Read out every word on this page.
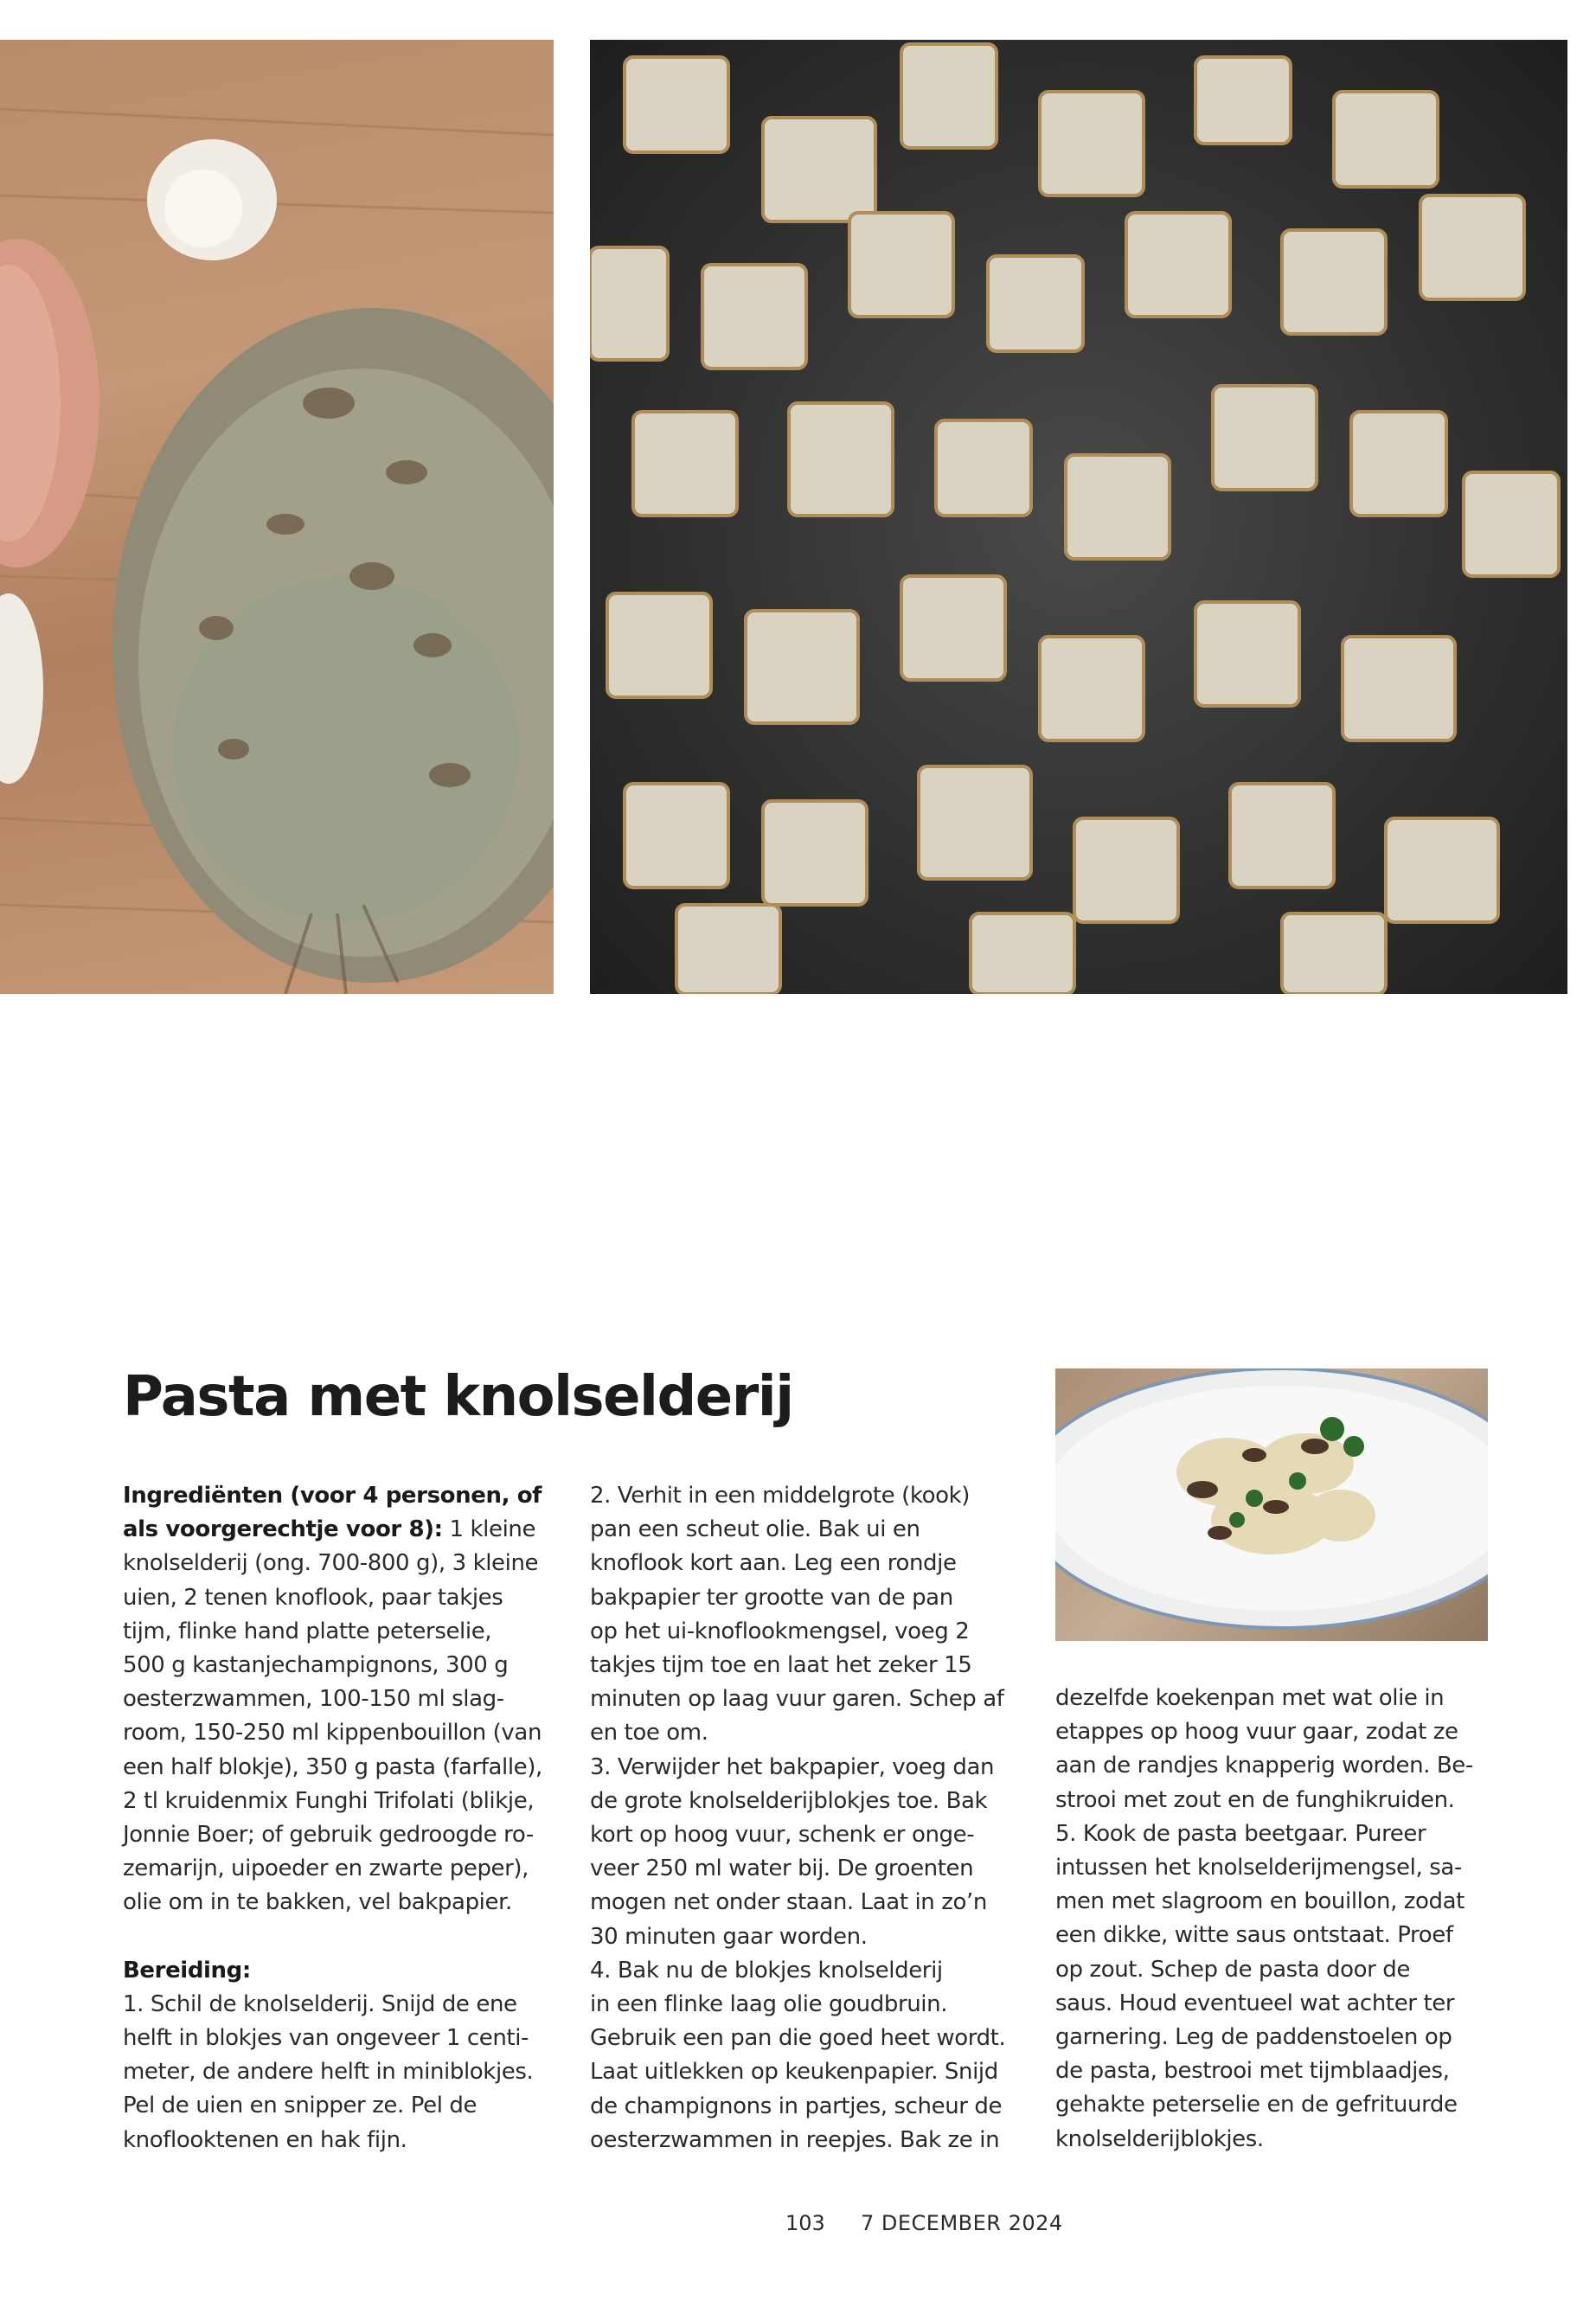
Pasta met knolselderij
Ingrediënten (voor 4 personen, of
als voorgerechtje voor 8): 1 kleine
knolselderij (ong. 700-800 g), 3 kleine
uien, 2 tenen knoflook, paar takjes
tijm, flinke hand platte peterselie,
500 g kastanjechampignons, 300 g
oesterzwammen, 100-150 ml slag-
room, 150-250 ml kippenbouillon (van
een half blokje), 350 g pasta (farfalle),
2 tl kruidenmix Funghi Trifolati (blikje,
Jonnie Boer; of gebruik gedroogde ro-
zemarijn, uipoeder en zwarte peper),
olie om in te bakken, vel bakpapier.
Bereiding:
1. Schil de knolselderij. Snijd de ene
helft in blokjes van ongeveer 1 centi-
meter, de andere helft in miniblokjes.
Pel de uien en snipper ze. Pel de
knoflooktenen en hak fijn.
2. Verhit in een middelgrote (kook)
pan een scheut olie. Bak ui en
knoflook kort aan. Leg een rondje
bakpapier ter grootte van de pan
op het ui-knoflookmengsel, voeg 2
takjes tijm toe en laat het zeker 15
minuten op laag vuur garen. Schep af
en toe om.
3. Verwijder het bakpapier, voeg dan
de grote knolselderijblokjes toe. Bak
kort op hoog vuur, schenk er onge-
veer 250 ml water bij. De groenten
mogen net onder staan. Laat in zo’n
30 minuten gaar worden.
4. Bak nu de blokjes knolselderij
in een flinke laag olie goudbruin.
Gebruik een pan die goed heet wordt.
Laat uitlekken op keukenpapier. Snijd
de champignons in partjes, scheur de
oesterzwammen in reepjes. Bak ze in
dezelfde koekenpan met wat olie in
etappes op hoog vuur gaar, zodat ze
aan de randjes knapperig worden. Be-
strooi met zout en de funghikruiden.
5. Kook de pasta beetgaar. Pureer
intussen het knolselderijmengsel, sa-
men met slagroom en bouillon, zodat
een dikke, witte saus ontstaat. Proef
op zout. Schep de pasta door de
saus. Houd eventueel wat achter ter
garnering. Leg de paddenstoelen op
de pasta, bestrooi met tijmblaadjes,
gehakte peterselie en de gefrituurde
knolselderijblokjes.
103 7 DECEMBER 2024
